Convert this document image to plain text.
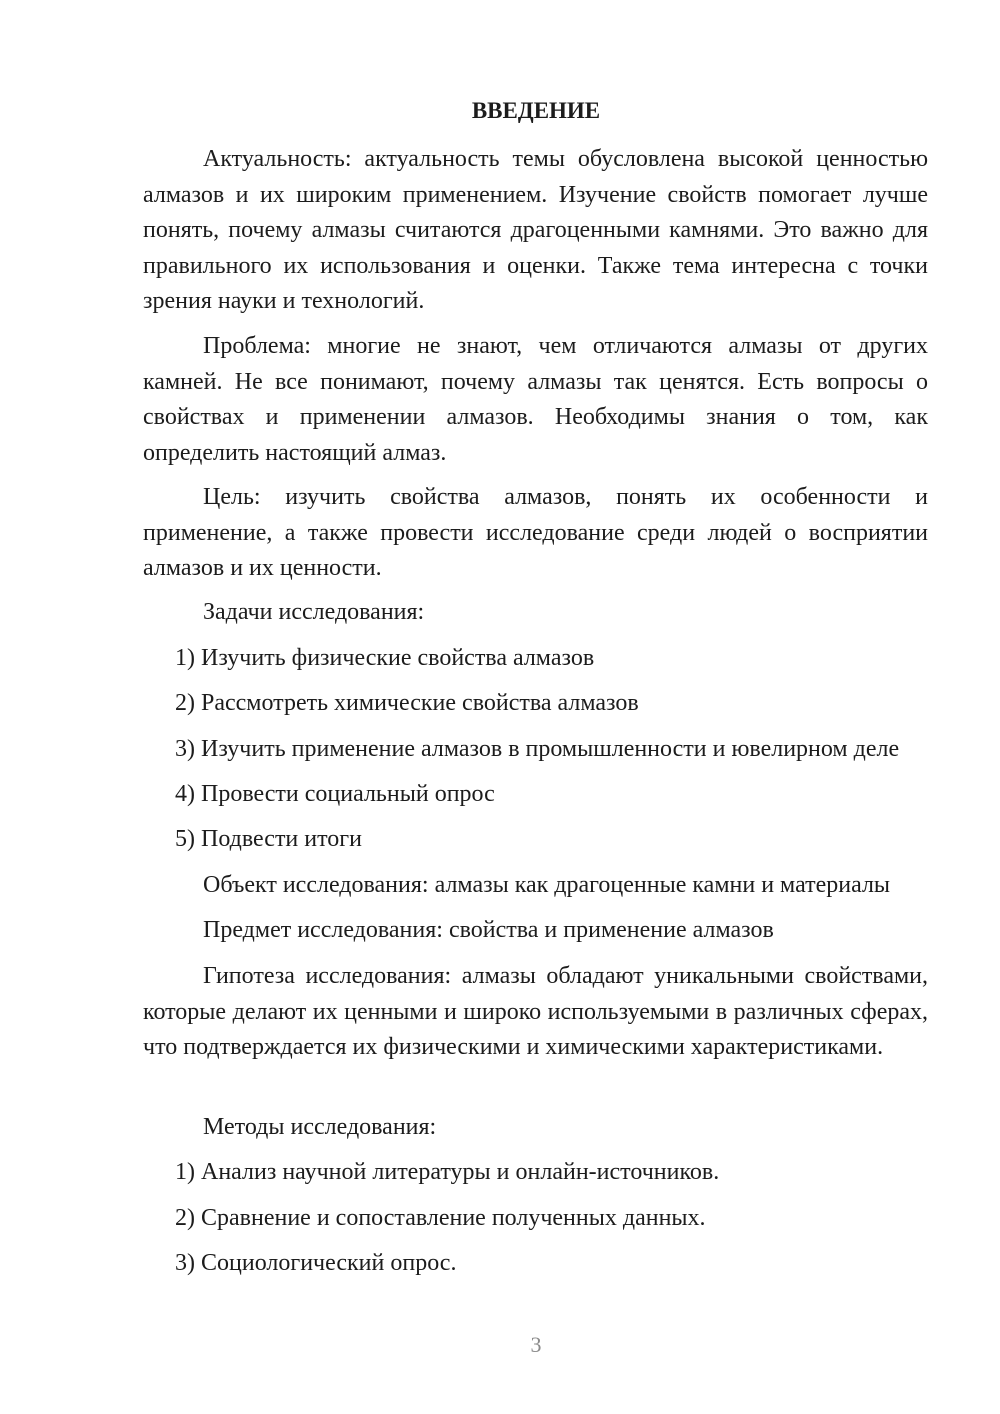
ВВЕДЕНИЕ

Актуальность: актуальность темы обусловлена высокой ценностью алмазов и их широким применением. Изучение свойств помогает лучше понять, почему алмазы считаются драгоценными камнями. Это важно для правильного их использования и оценки. Также тема интересна с точки зрения науки и технологий.

Проблема: многие не знают, чем отличаются алмазы от других камней. Не все понимают, почему алмазы так ценятся. Есть вопросы о свойствах и применении алмазов. Необходимы знания о том, как определить настоящий алмаз.

Цель: изучить свойства алмазов, понять их особенности и применение, а также провести исследование среди людей о восприятии алмазов и их ценности.

Задачи исследования:
1) Изучить физические свойства алмазов
2) Рассмотреть химические свойства алмазов
3) Изучить применение алмазов в промышленности и ювелирном деле
4) Провести социальный опрос
5) Подвести итоги
Объект исследования: алмазы как драгоценные камни и материалы
Предмет исследования: свойства и применение алмазов

Гипотеза исследования: алмазы обладают уникальными свойствами, которые делают их ценными и широко используемыми в различных сферах, что подтверждается их физическими и химическими характеристиками.

Методы исследования:
1) Анализ научной литературы и онлайн-источников.
2) Сравнение и сопоставление полученных данных.
3) Социологический опрос.
3
